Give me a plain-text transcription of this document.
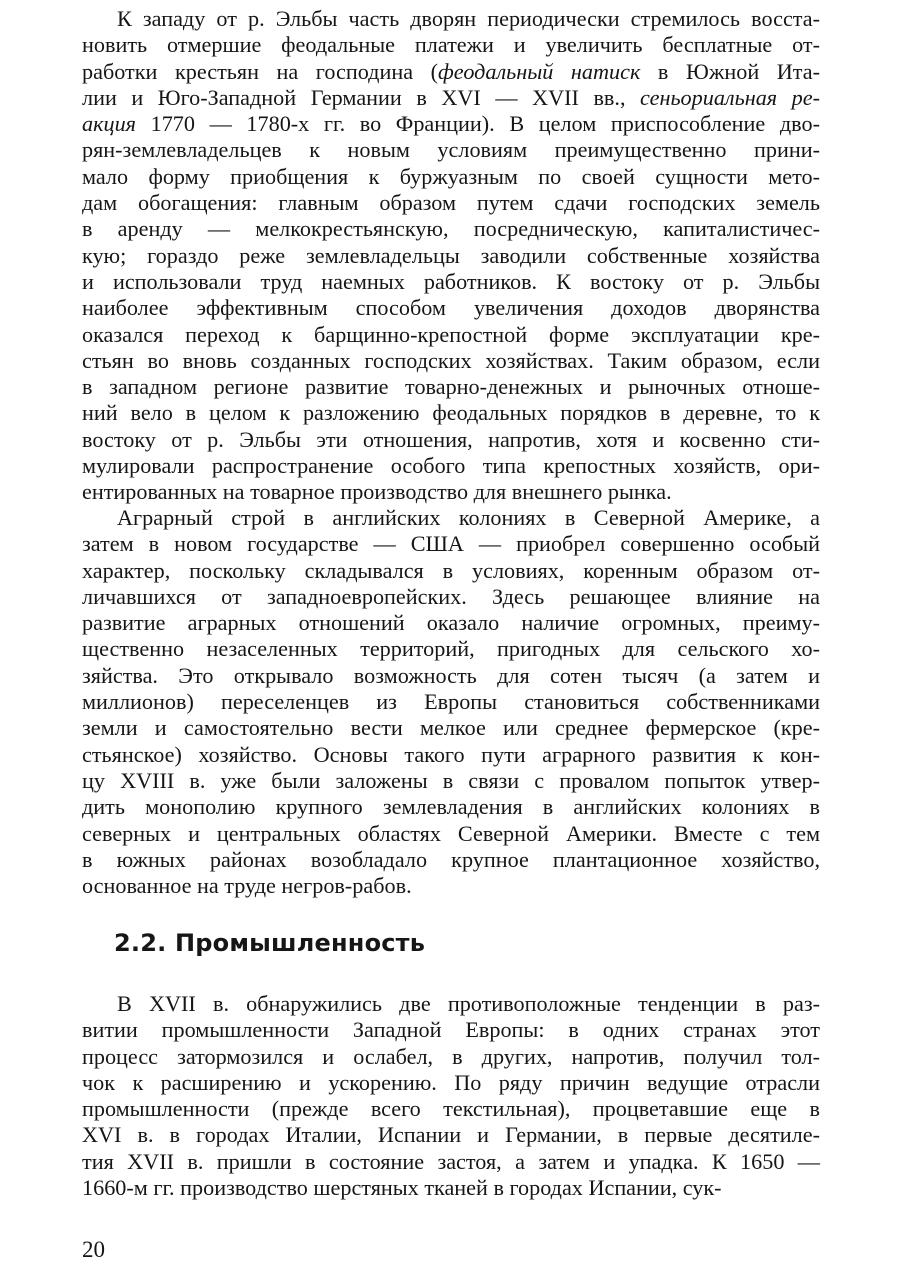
К западу от р. Эльбы часть дворян периодически стремилось восста-
новить отмершие феодальные платежи и увеличить бесплатные от-
работки крестьян на господина (феодальный натиск в Южной Ита-
лии и Юго-Западной Германии в XVI — XVII вв., сеньориальная ре-
акция 1770 — 1780-х гг. во Франции). В целом приспособление дво-
рян-землевладельцев к новым условиям преимущественно прини-
мало форму приобщения к буржуазным по своей сущности мето-
дам обогащения: главным образом путем сдачи господских земель
в аренду — мелкокрестьянскую, посредническую, капиталистичес-
кую; гораздо реже землевладельцы заводили собственные хозяйства
и использовали труд наемных работников. К востоку от р. Эльбы
наиболее эффективным способом увеличения доходов дворянства
оказался переход к барщинно-крепостной форме эксплуатации кре-
стьян во вновь созданных господских хозяйствах. Таким образом, если
в западном регионе развитие товарно-денежных и рыночных отноше-
ний вело в целом к разложению феодальных порядков в деревне, то к
востоку от р. Эльбы эти отношения, напротив, хотя и косвенно сти-
мулировали распространение особого типа крепостных хозяйств, ори-
ентированных на товарное производство для внешнего рынка.
Аграрный строй в английских колониях в Северной Америке, а
затем в новом государстве — США — приобрел совершенно особый
характер, поскольку складывался в условиях, коренным образом от-
личавшихся от западноевропейских. Здесь решающее влияние на
развитие аграрных отношений оказало наличие огромных, преиму-
щественно незаселенных территорий, пригодных для сельского хо-
зяйства. Это открывало возможность для сотен тысяч (а затем и
миллионов) переселенцев из Европы становиться собственниками
земли и самостоятельно вести мелкое или среднее фермерское (кре-
стьянское) хозяйство. Основы такого пути аграрного развития к кон-
цу XVIII в. уже были заложены в связи с провалом попыток утвер-
дить монополию крупного землевладения в английских колониях в
северных и центральных областях Северной Америки. Вместе с тем
в южных районах возобладало крупное плантационное хозяйство,
основанное на труде негров-рабов.
2.2. Промышленность
В XVII в. обнаружились две противоположные тенденции в раз-
витии промышленности Западной Европы: в одних странах этот
процесс затормозился и ослабел, в других, напротив, получил тол-
чок к расширению и ускорению. По ряду причин ведущие отрасли
промышленности (прежде всего текстильная), процветавшие еще в
XVI в. в городах Италии, Испании и Германии, в первые десятиле-
тия XVII в. пришли в состояние застоя, а затем и упадка. К 1650 —
1660-м гг. производство шерстяных тканей в городах Испании, сук-
20
